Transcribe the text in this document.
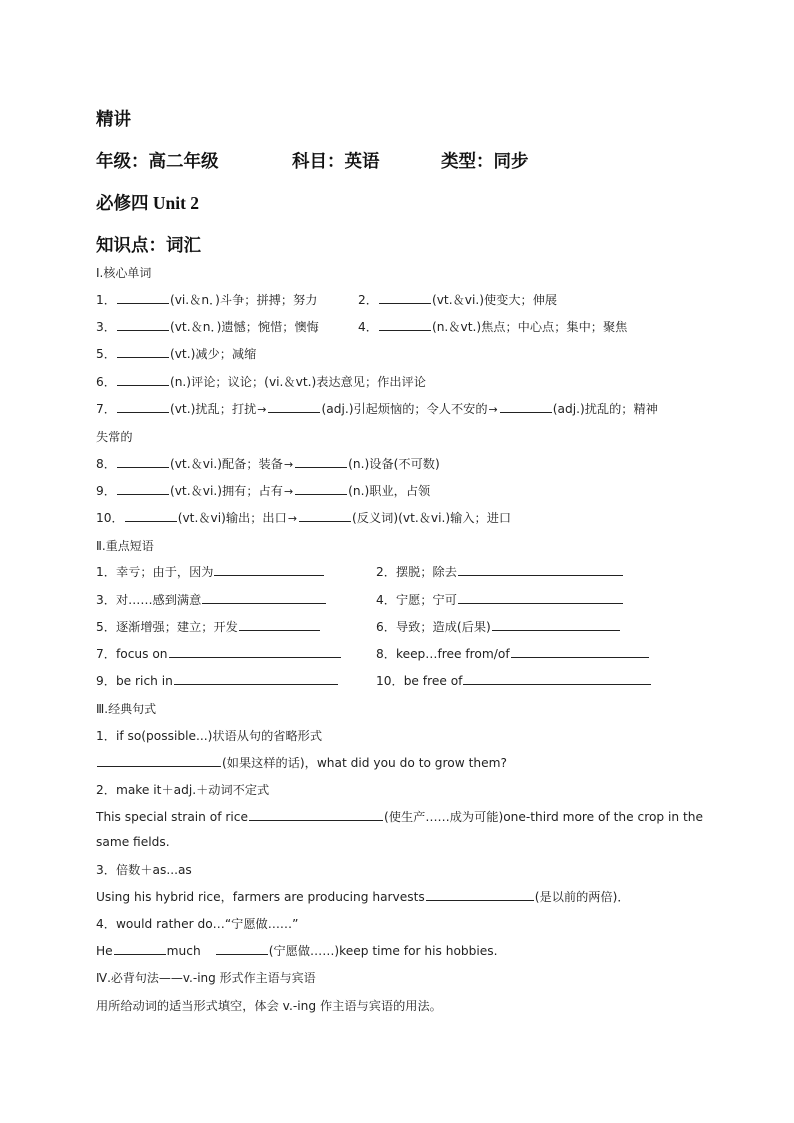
精讲
年级：高二年级	科目：英语	类型：同步
必修四 Unit 2
知识点：词汇
Ⅰ.核心单词
1．	(vi.＆n．)斗争；拼搏；努力	2．	(vt.＆vi.)使变大；伸展
3．	(vt.＆n．)遗憾；惋惜；懊悔	4．	(n.＆vt.)焦点；中心点；集中；聚焦
5．	(vt.)减少；减缩
6．	(n.)评论；议论；(vi.＆vt.)表达意见；作出评论
7．	(vt.)扰乱；打扰→	(adj.)引起烦恼的；令人不安的→	(adj.)扰乱的；精神
失常的
8．	(vt.＆vi.)配备；装备→	(n.)设备(不可数)
9．	(vt.＆vi.)拥有；占有→	(n.)职业，占领
10．	(vt.＆vi)输出；出口→	(反义词)(vt.＆vi.)输入；进口
Ⅱ.重点短语
1．幸亏；由于，因为	2．摆脱；除去
3．对……感到满意	4．宁愿；宁可
5．逐渐增强；建立；开发	6．导致；造成(后果)
7．focus on	8．keep…free from/of
9．be rich in	10．be free of
Ⅲ.经典句式
1．if so(possible...)状语从句的省略形式
(如果这样的话)，what did you do to grow them?
2．make it＋adj.＋动词不定式
This special strain of rice	(使生产……成为可能)one-third more of the crop in the
same fields.
3．倍数＋as...as
Using his hybrid rice，farmers are producing harvests	(是以前的两倍)．
4．would rather do…“宁愿做……”
He	much	(宁愿做……)keep time for his hobbies.
Ⅳ.必背句法——v.-ing 形式作主语与宾语
用所给动词的适当形式填空，体会 v.-ing 作主语与宾语的用法。
